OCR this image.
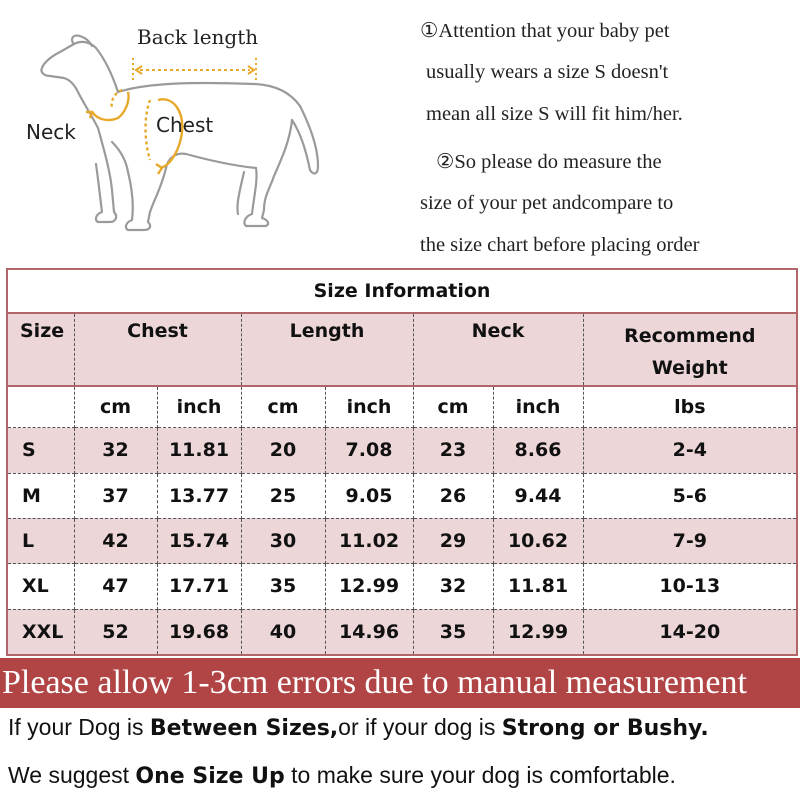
Back length
Neck	Chest
①Attention that your baby pet
usually wears a size S doesn't
mean all size S will fit him/her.
②So please do measure the
size of your pet andcompare to
the size chart before placing order
Size Information							
Size	Chest		Length		Neck		Recommend Weight
	cm	inch	cm	inch	cm	inch	lbs
S	32	11.81	20	7.08	23	8.66	2-4
M	37	13.77	25	9.05	26	9.44	5-6
L	42	15.74	30	11.02	29	10.62	7-9
XL	47	17.71	35	12.99	32	11.81	10-13
XXL	52	19.68	40	14.96	35	12.99	14-20
Please allow 1-3cm errors due to manual measurement
If your Dog is Between Sizes,or if your dog is Strong or Bushy.
We suggest One Size Up to make sure your dog is comfortable.
